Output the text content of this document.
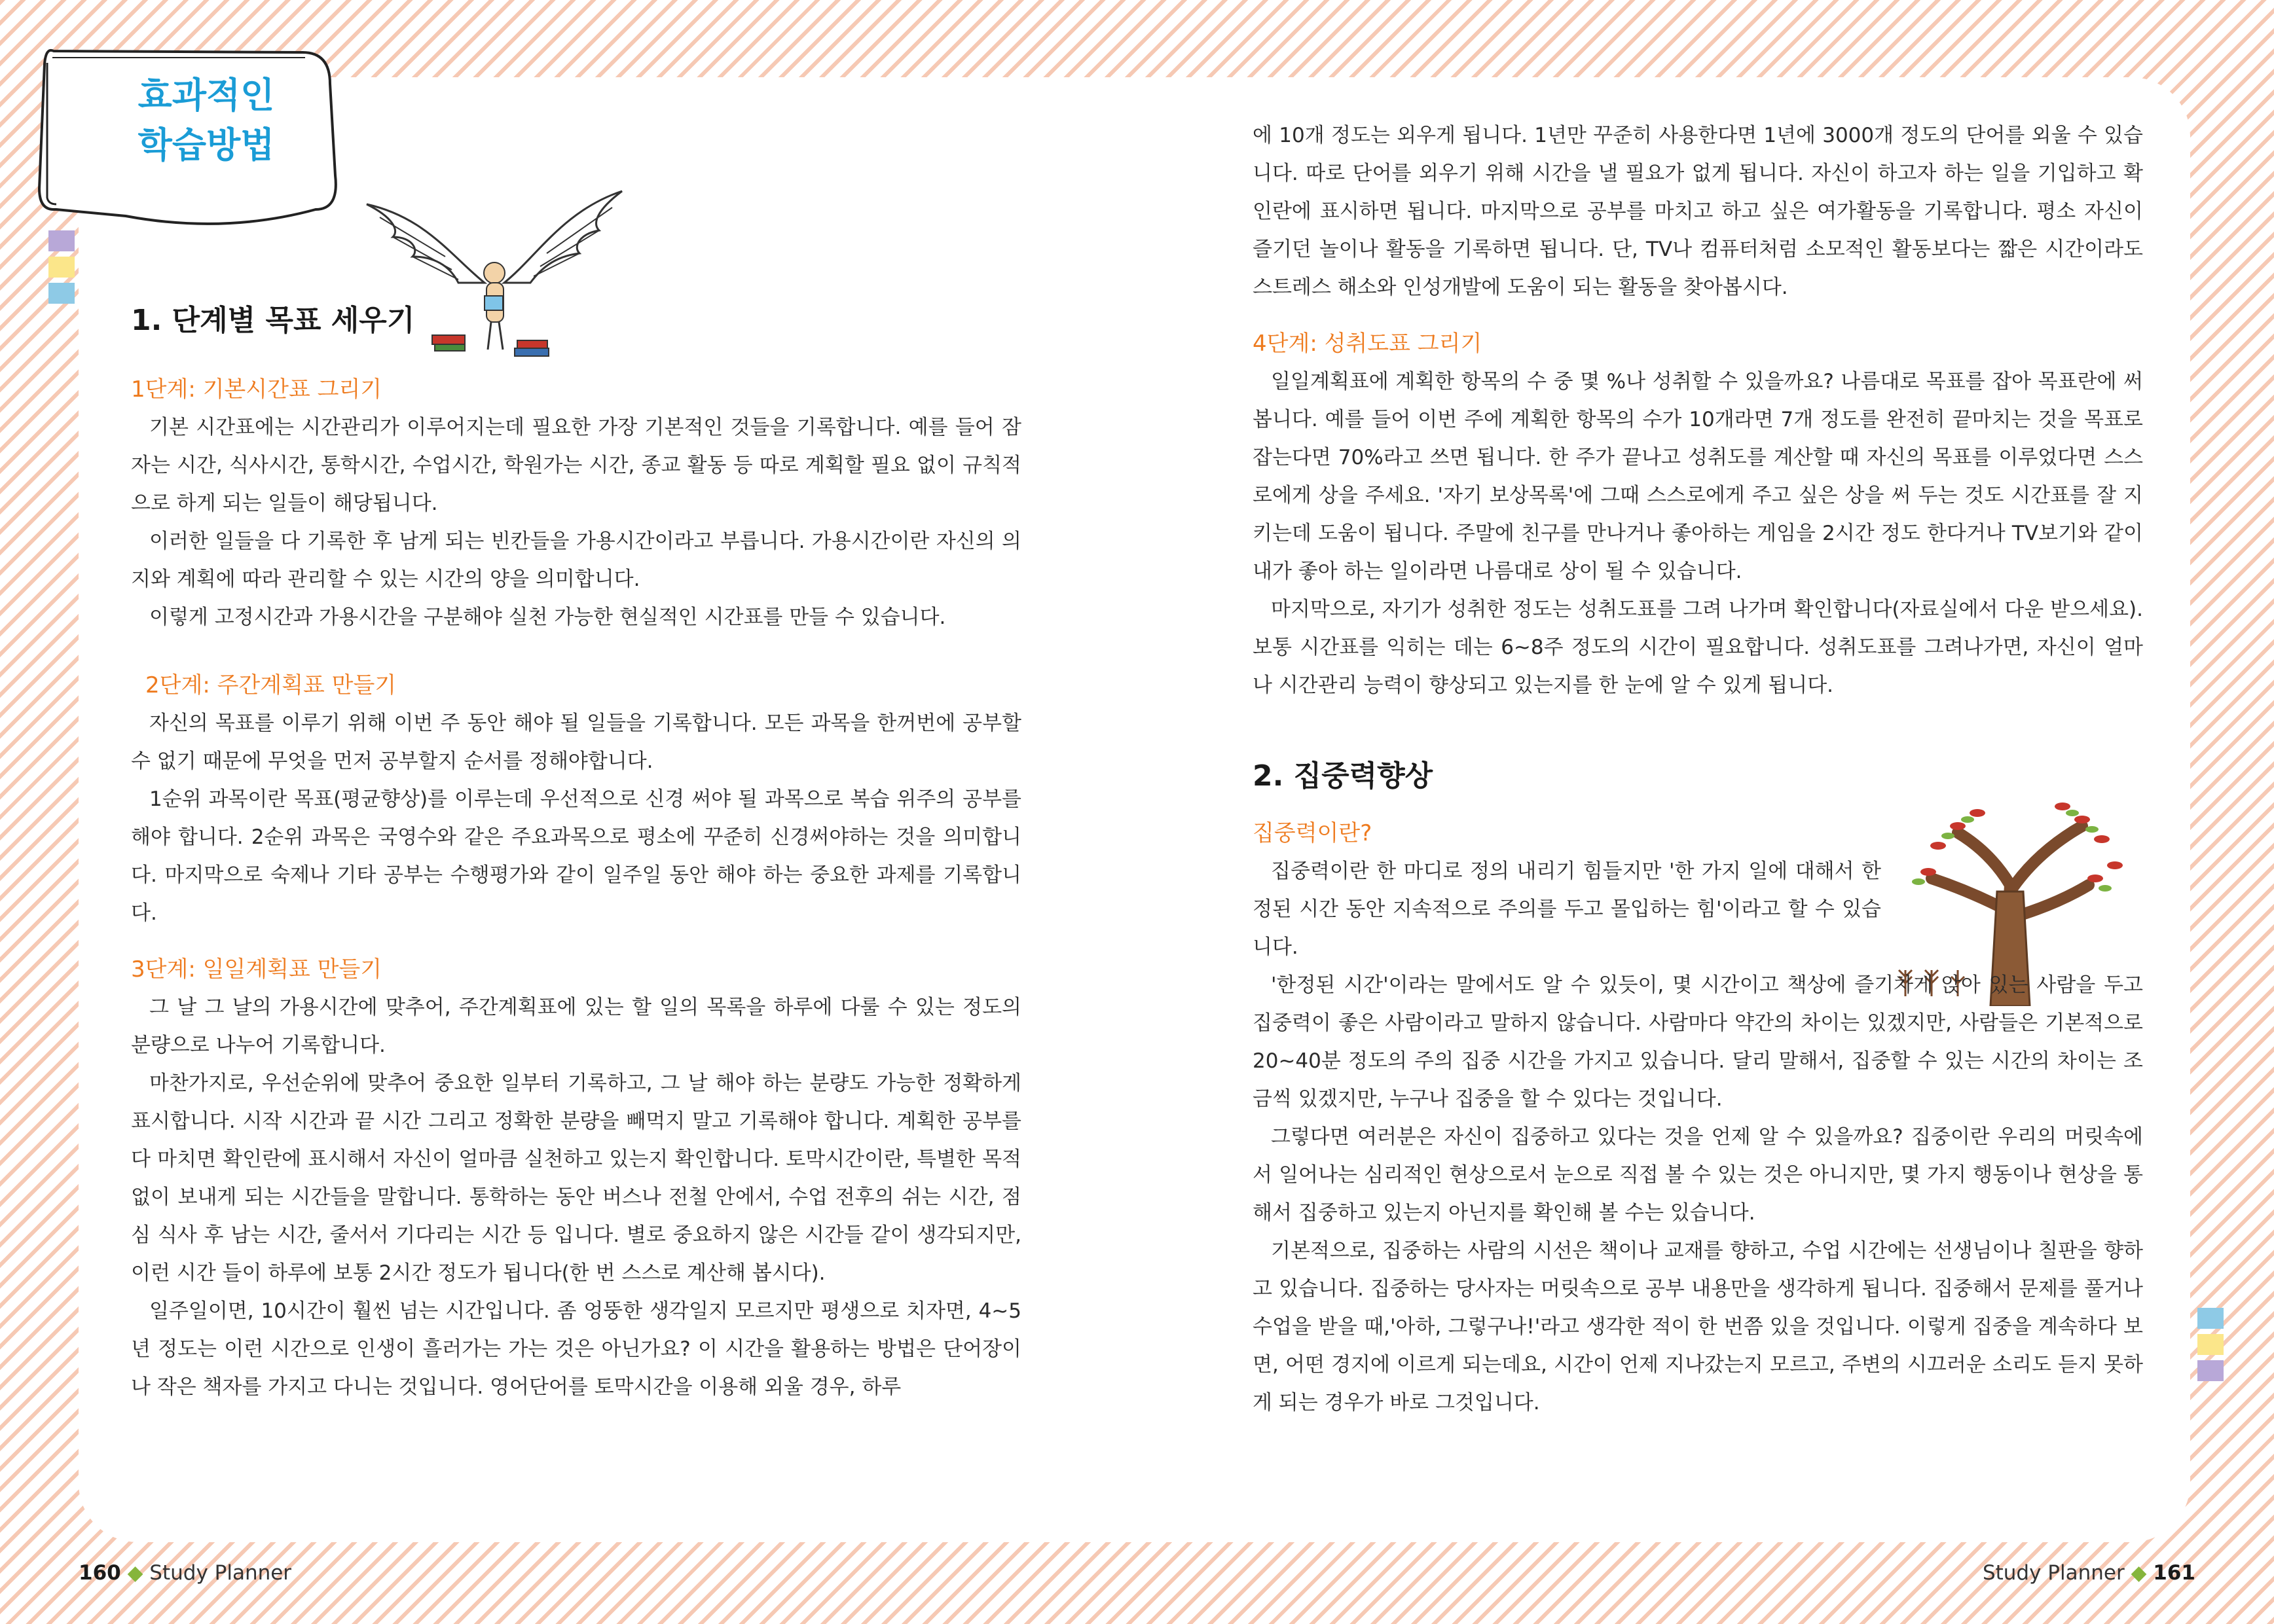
효과적인
학습방법
1. 단계별 목표 세우기
1단계: 기본시간표 그리기

기본 시간표에는 시간관리가 이루어지는데 필요한 가장 기본적인 것들을 기록합니다. 예를 들어 잠자는 시간, 식사시간, 통학시간, 수업시간, 학원가는 시간, 종교 활동 등 따로 계획할 필요 없이 규칙적으로 하게 되는 일들이 해당됩니다.

이러한 일들을 다 기록한 후 남게 되는 빈칸들을 가용시간이라고 부릅니다. 가용시간이란 자신의 의지와 계획에 따라 관리할 수 있는 시간의 양을 의미합니다.

이렇게 고정시간과 가용시간을 구분해야 실천 가능한 현실적인 시간표를 만들 수 있습니다.

2단계: 주간계획표 만들기

자신의 목표를 이루기 위해 이번 주 동안 해야 될 일들을 기록합니다. 모든 과목을 한꺼번에 공부할 수 없기 때문에 무엇을 먼저 공부할지 순서를 정해야합니다.

1순위 과목이란 목표(평균향상)를 이루는데 우선적으로 신경 써야 될 과목으로 복습 위주의 공부를 해야 합니다. 2순위 과목은 국영수와 같은 주요과목으로 평소에 꾸준히 신경써야하는 것을 의미합니다. 마지막으로 숙제나 기타 공부는 수행평가와 같이 일주일 동안 해야 하는 중요한 과제를 기록합니다.

3단계: 일일계획표 만들기

그 날 그 날의 가용시간에 맞추어, 주간계획표에 있는 할 일의 목록을 하루에 다룰 수 있는 정도의 분량으로 나누어 기록합니다.

마찬가지로, 우선순위에 맞추어 중요한 일부터 기록하고, 그 날 해야 하는 분량도 가능한 정확하게 표시합니다. 시작 시간과 끝 시간 그리고 정확한 분량을 빼먹지 말고 기록해야 합니다. 계획한 공부를 다 마치면 확인란에 표시해서 자신이 얼마큼 실천하고 있는지 확인합니다. 토막시간이란, 특별한 목적 없이 보내게 되는 시간들을 말합니다. 통학하는 동안 버스나 전철 안에서, 수업 전후의 쉬는 시간, 점심 식사 후 남는 시간, 줄서서 기다리는 시간 등 입니다. 별로 중요하지 않은 시간들 같이 생각되지만, 이런 시간 들이 하루에 보통 2시간 정도가 됩니다(한 번 스스로 계산해 봅시다).

일주일이면, 10시간이 훨씬 넘는 시간입니다. 좀 엉뚱한 생각일지 모르지만 평생으로 치자면, 4~5년 정도는 이런 시간으로 인생이 흘러가는 가는 것은 아닌가요? 이 시간을 활용하는 방법은 단어장이나 작은 책자를 가지고 다니는 것입니다. 영어단어를 토막시간을 이용해 외울 경우, 하루

에 10개 정도는 외우게 됩니다. 1년만 꾸준히 사용한다면 1년에 3000개 정도의 단어를 외울 수 있습니다. 따로 단어를 외우기 위해 시간을 낼 필요가 없게 됩니다. 자신이 하고자 하는 일을 기입하고 확인란에 표시하면 됩니다. 마지막으로 공부를 마치고 하고 싶은 여가활동을 기록합니다. 평소 자신이 즐기던 놀이나 활동을 기록하면 됩니다. 단, TV나 컴퓨터처럼 소모적인 활동보다는 짧은 시간이라도 스트레스 해소와 인성개발에 도움이 되는 활동을 찾아봅시다.

4단계: 성취도표 그리기

일일계획표에 계획한 항목의 수 중 몇 %나 성취할 수 있을까요? 나름대로 목표를 잡아 목표란에 써 봅니다. 예를 들어 이번 주에 계획한 항목의 수가 10개라면 7개 정도를 완전히 끝마치는 것을 목표로 잡는다면 70%라고 쓰면 됩니다. 한 주가 끝나고 성취도를 계산할 때 자신의 목표를 이루었다면 스스로에게 상을 주세요. '자기 보상목록'에 그때 스스로에게 주고 싶은 상을 써 두는 것도 시간표를 잘 지키는데 도움이 됩니다. 주말에 친구를 만나거나 좋아하는 게임을 2시간 정도 한다거나 TV보기와 같이 내가 좋아 하는 일이라면 나름대로 상이 될 수 있습니다.

마지막으로, 자기가 성취한 정도는 성취도표를 그려 나가며 확인합니다(자료실에서 다운 받으세요). 보통 시간표를 익히는 데는 6~8주 정도의 시간이 필요합니다. 성취도표를 그려나가면, 자신이 얼마나 시간관리 능력이 향상되고 있는지를 한 눈에 알 수 있게 됩니다.

2. 집중력향상
집중력이란?

집중력이란 한 마디로 정의 내리기 힘들지만 '한 가지 일에 대해서 한정된 시간 동안 지속적으로 주의를 두고 몰입하는 힘'이라고 할 수 있습니다.

'한정된 시간'이라는 말에서도 알 수 있듯이, 몇 시간이고 책상에 즐기차게 앉아 있는 사람을 두고 집중력이 좋은 사람이라고 말하지 않습니다. 사람마다 약간의 차이는 있겠지만, 사람들은 기본적으로 20~40분 정도의 주의 집중 시간을 가지고 있습니다. 달리 말해서, 집중할 수 있는 시간의 차이는 조금씩 있겠지만, 누구나 집중을 할 수 있다는 것입니다.

그렇다면 여러분은 자신이 집중하고 있다는 것을 언제 알 수 있을까요? 집중이란 우리의 머릿속에서 일어나는 심리적인 현상으로서 눈으로 직접 볼 수 있는 것은 아니지만, 몇 가지 행동이나 현상을 통해서 집중하고 있는지 아닌지를 확인해 볼 수는 있습니다.

기본적으로, 집중하는 사람의 시선은 책이나 교재를 향하고, 수업 시간에는 선생님이나 칠판을 향하고 있습니다. 집중하는 당사자는 머릿속으로 공부 내용만을 생각하게 됩니다. 집중해서 문제를 풀거나 수업을 받을 때,'아하, 그렇구나!'라고 생각한 적이 한 번쯤 있을 것입니다. 이렇게 집중을 계속하다 보면, 어떤 경지에 이르게 되는데요, 시간이 언제 지나갔는지 모르고, 주변의 시끄러운 소리도 듣지 못하게 되는 경우가 바로 그것입니다.

160 ◆ Study Planner	Study Planner ◆ 161
